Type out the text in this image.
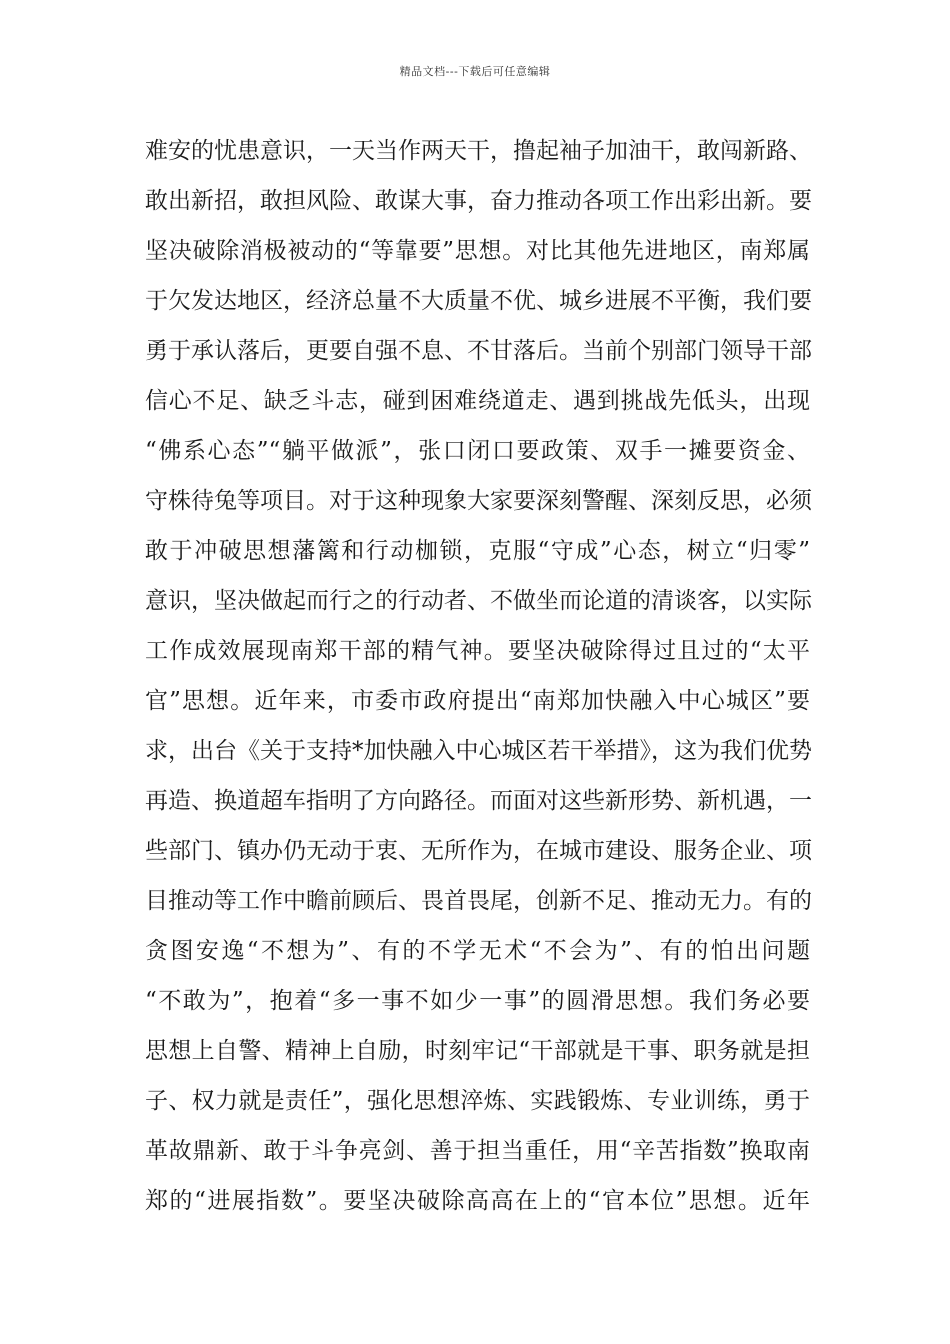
精品文档---下载后可任意编辑
难安的忧患意识，一天当作两天干，撸起袖子加油干，敢闯新路、
敢出新招，敢担风险、敢谋大事，奋力推动各项工作出彩出新。要
坚决破除消极被动的“等靠要”思想。对比其他先进地区，南郑属
于欠发达地区，经济总量不大质量不优、城乡进展不平衡，我们要
勇于承认落后，更要自强不息、不甘落后。当前个别部门领导干部
信心不足、缺乏斗志，碰到困难绕道走、遇到挑战先低头，出现
“佛系心态”“躺平做派”，张口闭口要政策、双手一摊要资金、
守株待兔等项目。对于这种现象大家要深刻警醒、深刻反思，必须
敢于冲破思想藩篱和行动枷锁，克服“守成”心态，树立“归零”
意识，坚决做起而行之的行动者、不做坐而论道的清谈客，以实际
工作成效展现南郑干部的精气神。要坚决破除得过且过的“太平
官”思想。近年来，市委市政府提出“南郑加快融入中心城区”要
求，出台《关于支持*加快融入中心城区若干举措》，这为我们优势
再造、换道超车指明了方向路径。而面对这些新形势、新机遇，一
些部门、镇办仍无动于衷、无所作为，在城市建设、服务企业、项
目推动等工作中瞻前顾后、畏首畏尾，创新不足、推动无力。有的
贪图安逸“不想为”、有的不学无术“不会为”、有的怕出问题
“不敢为”，抱着“多一事不如少一事”的圆滑思想。我们务必要
思想上自警、精神上自励，时刻牢记“干部就是干事、职务就是担
子、权力就是责任”，强化思想淬炼、实践锻炼、专业训练，勇于
革故鼎新、敢于斗争亮剑、善于担当重任，用“辛苦指数”换取南
郑的“进展指数”。要坚决破除高高在上的“官本位”思想。近年
